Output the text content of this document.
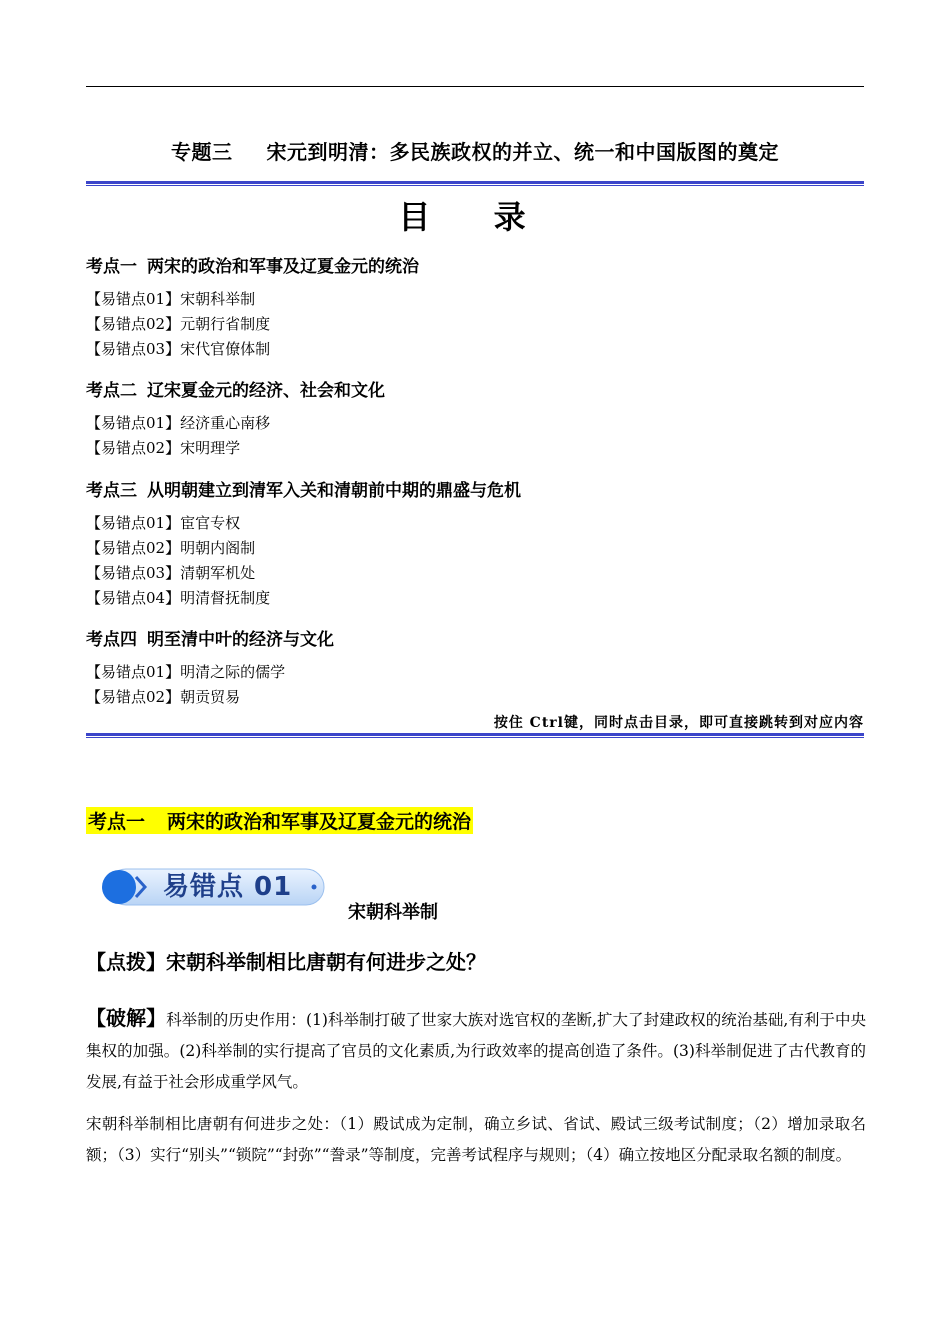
专题三 宋元到明清：多民族政权的并立、统一和中国版图的奠定
目 录
考点一 两宋的政治和军事及辽夏金元的统治
【易错点01】宋朝科举制
【易错点02】元朝行省制度
【易错点03】宋代官僚体制
考点二 辽宋夏金元的经济、社会和文化
【易错点01】经济重心南移
【易错点02】宋明理学
考点三 从明朝建立到清军入关和清朝前中期的鼎盛与危机
【易错点01】宦官专权
【易错点02】明朝内阁制
【易错点03】清朝军机处
【易错点04】明清督抚制度
考点四 明至清中叶的经济与文化
【易错点01】明清之际的儒学
【易错点02】朝贡贸易
按住 Ctrl键，同时点击目录，即可直接跳转到对应内容
考点一 两宋的政治和军事及辽夏金元的统治
易错点 01
宋朝科举制
【点拨】宋朝科举制相比唐朝有何进步之处？
【破解】科举制的历史作用：(1)科举制打破了世家大族对选官权的垄断,扩大了封建政权的统治基础,有利于中央集权的加强。(2)科举制的实行提高了官员的文化素质,为行政效率的提高创造了条件。(3)科举制促进了古代教育的发展,有益于社会形成重学风气。
宋朝科举制相比唐朝有何进步之处：（1）殿试成为定制，确立乡试、省试、殿试三级考试制度；（2）增加录取名额；（3）实行“别头”“锁院”“封弥”“誊录”等制度，完善考试程序与规则；（4）确立按地区分配录取名额的制度。
